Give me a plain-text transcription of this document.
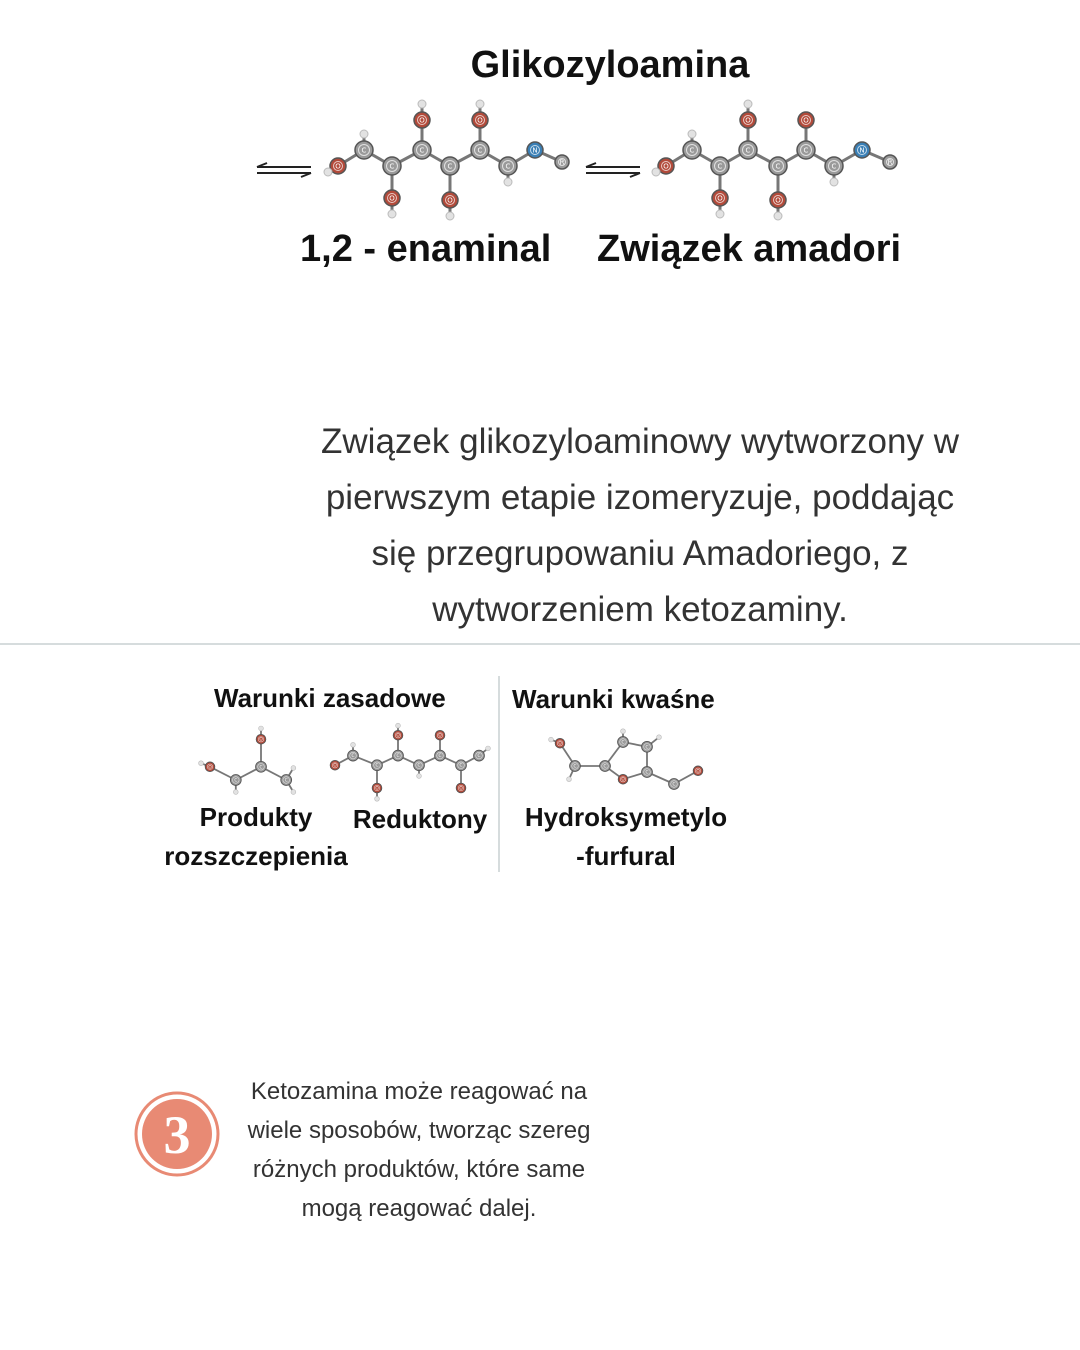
Glikozyloamina
O
C
C
C
C
C
C
N
R
O	O
O	O
O
C
C
C
C
C
C
N
R
O	O
O	O
1,2 - enaminal Związek amadori
Związek glikozyloaminowy wytworzony w
pierwszym etapie izomeryzuje, poddając
się przegrupowaniu Amadoriego, z
wytworzeniem ketozaminy.
Warunki zasadowe	Warunki kwaśne
O
C
C
C
O
O
C
C
C
C
C
C
C
O	O
O	O
O
C	C
C
C
C
O
C
O
Produkty
rozszczepienia
Reduktony	Hydroksymetylo
-furfural
3
Ketozamina może reagować na
wiele sposobów, tworząc szereg
różnych produktów, które same
mogą reagować dalej.
